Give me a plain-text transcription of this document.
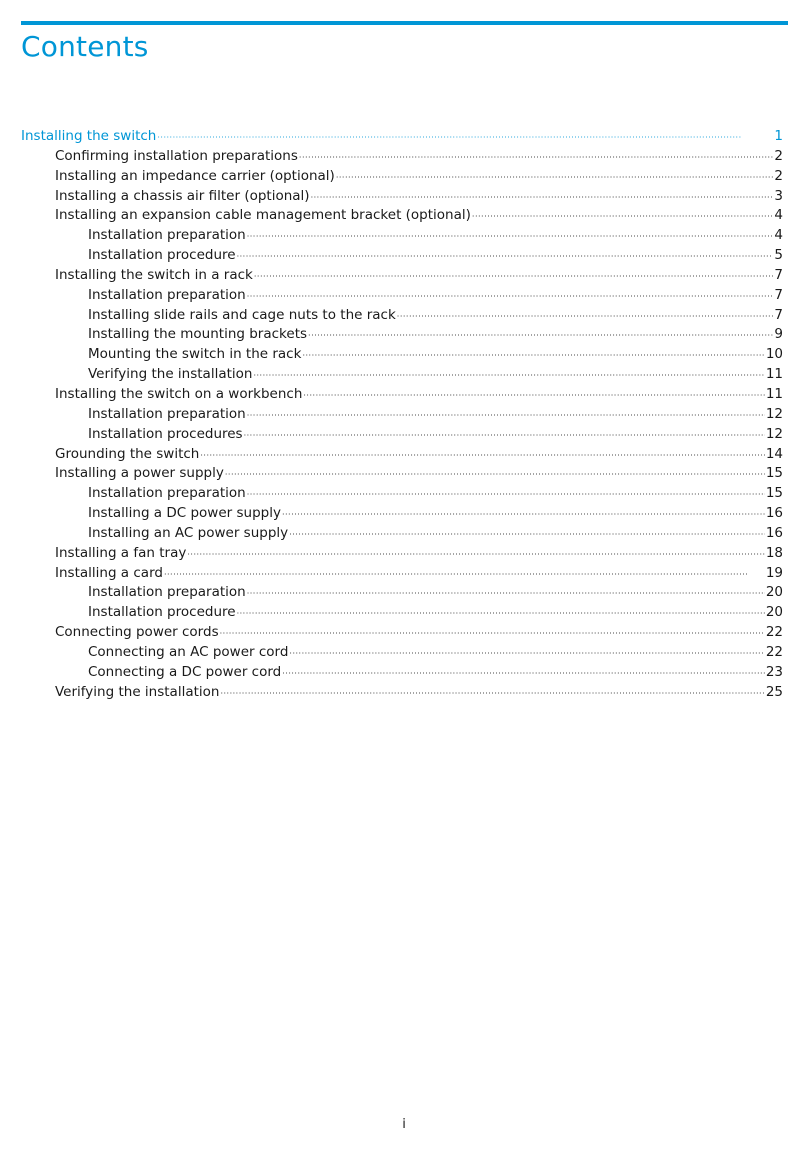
Contents
Installing the switch ·····	1
Confirming installation preparations ·····	2
Installing an impedance carrier (optional) ·····	2
Installing a chassis air filter (optional) ·····	3
Installing an expansion cable management bracket (optional) ·····	4
Installation preparation ·····	4
Installation procedure ·····	5
Installing the switch in a rack ·····	7
Installation preparation ·····	7
Installing slide rails and cage nuts to the rack ·····	7
Installing the mounting brackets ·····	9
Mounting the switch in the rack ·····	10
Verifying the installation ·····	11
Installing the switch on a workbench ·····	11
Installation preparation ·····	12
Installation procedures ·····	12
Grounding the switch ·····	14
Installing a power supply ·····	15
Installation preparation ·····	15
Installing a DC power supply ·····	16
Installing an AC power supply ·····	16
Installing a fan tray ·····	18
Installing a card ·····	19
Installation preparation ·····	20
Installation procedure ·····	20
Connecting power cords ·····	22
Connecting an AC power cord ·····	22
Connecting a DC power cord ·····	23
Verifying the installation ·····	25
i
